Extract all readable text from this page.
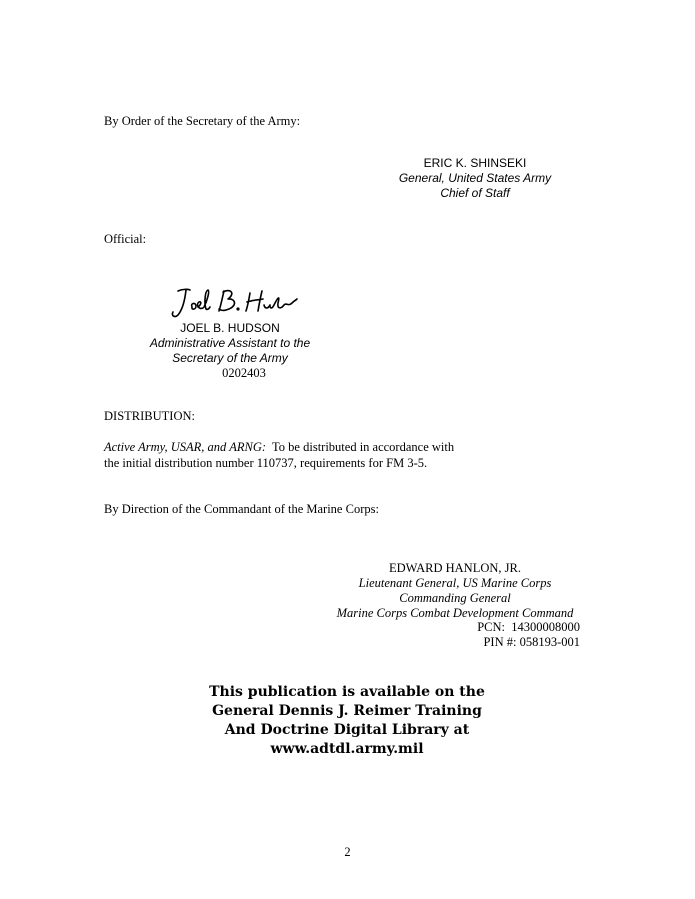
By Order of the Secretary of the Army:
ERIC K. SHINSEKI
General, United States Army
Chief of Staff
Official:
JOEL B. HUDSON
Administrative Assistant to the
Secretary of the Army
0202403
DISTRIBUTION:
Active Army, USAR, and ARNG:  To be distributed in accordance with
the initial distribution number 110737, requirements for FM 3-5.
By Direction of the Commandant of the Marine Corps:
EDWARD HANLON, JR.
Lieutenant General, US Marine Corps
Commanding General
Marine Corps Combat Development Command
PCN:  14300008000
PIN #: 058193-001
This publication is available on the
General Dennis J. Reimer Training
And Doctrine Digital Library at
www.adtdl.army.mil
2
